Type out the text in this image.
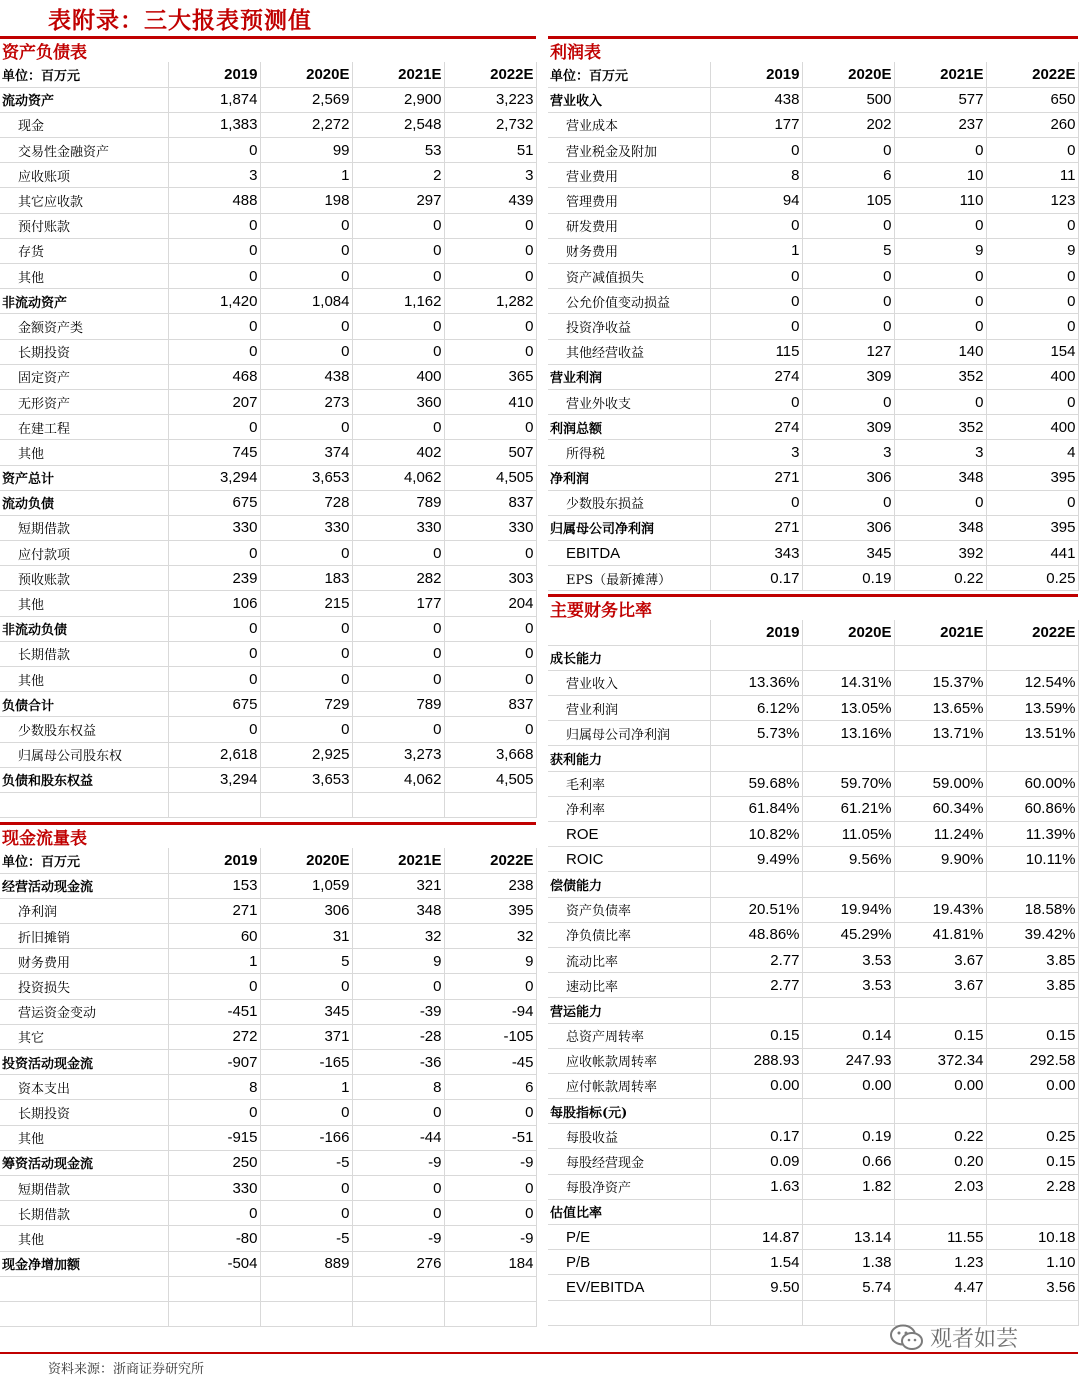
表附录：三大报表预测值
资产负债表
单位：百万元	2019	2020E	2021E	2022E
流动资产	1,874	2,569	2,900	3,223
现金	1,383	2,272	2,548	2,732
交易性金融资产	0	99	53	51
应收账项	3	1	2	3
其它应收款	488	198	297	439
预付账款	0	0	0	0
存货	0	0	0	0
其他	0	0	0	0
非流动资产	1,420	1,084	1,162	1,282
金额资产类	0	0	0	0
长期投资	0	0	0	0
固定资产	468	438	400	365
无形资产	207	273	360	410
在建工程	0	0	0	0
其他	745	374	402	507
资产总计	3,294	3,653	4,062	4,505
流动负债	675	728	789	837
短期借款	330	330	330	330
应付款项	0	0	0	0
预收账款	239	183	282	303
其他	106	215	177	204
非流动负债	0	0	0	0
长期借款	0	0	0	0
其他	0	0	0	0
负债合计	675	729	789	837
少数股东权益	0	0	0	0
归属母公司股东权	2,618	2,925	3,273	3,668
负债和股东权益	3,294	3,653	4,062	4,505

现金流量表
单位：百万元	2019	2020E	2021E	2022E
经营活动现金流	153	1,059	321	238
净利润	271	306	348	395
折旧摊销	60	31	32	32
财务费用	1	5	9	9
投资损失	0	0	0	0
营运资金变动	-451	345	-39	-94
其它	272	371	-28	-105
投资活动现金流	-907	-165	-36	-45
资本支出	8	1	8	6
长期投资	0	0	0	0
其他	-915	-166	-44	-51
筹资活动现金流	250	-5	-9	-9
短期借款	330	0	0	0
长期借款	0	0	0	0
其他	-80	-5	-9	-9
现金净增加额	-504	889	276	184

利润表
单位：百万元	2019	2020E	2021E	2022E
营业收入	438	500	577	650
营业成本	177	202	237	260
营业税金及附加	0	0	0	0
营业费用	8	6	10	11
管理费用	94	105	110	123
研发费用	0	0	0	0
财务费用	1	5	9	9
资产减值损失	0	0	0	0
公允价值变动损益	0	0	0	0
投资净收益	0	0	0	0
其他经营收益	115	127	140	154
营业利润	274	309	352	400
营业外收支	0	0	0	0
利润总额	274	309	352	400
所得税	3	3	3	4
净利润	271	306	348	395
少数股东损益	0	0	0	0
归属母公司净利润	271	306	348	395
EBITDA	343	345	392	441
EPS（最新摊薄）	0.17	0.19	0.22	0.25
主要财务比率
	2019	2020E	2021E	2022E
成长能力				
营业收入	13.36%	14.31%	15.37%	12.54%
营业利润	6.12%	13.05%	13.65%	13.59%
归属母公司净利润	5.73%	13.16%	13.71%	13.51%
获利能力				
毛利率	59.68%	59.70%	59.00%	60.00%
净利率	61.84%	61.21%	60.34%	60.86%
ROE	10.82%	11.05%	11.24%	11.39%
ROIC	9.49%	9.56%	9.90%	10.11%
偿债能力				
资产负债率	20.51%	19.94%	19.43%	18.58%
净负债比率	48.86%	45.29%	41.81%	39.42%
流动比率	2.77	3.53	3.67	3.85
速动比率	2.77	3.53	3.67	3.85
营运能力				
总资产周转率	0.15	0.14	0.15	0.15
应收帐款周转率	288.93	247.93	372.34	292.58
应付帐款周转率	0.00	0.00	0.00	0.00
每股指标(元)				
每股收益	0.17	0.19	0.22	0.25
每股经营现金	0.09	0.66	0.20	0.15
每股净资产	1.63	1.82	2.03	2.28
估值比率				
P/E	14.87	13.14	11.55	10.18
P/B	1.54	1.38	1.23	1.10
EV/EBITDA	9.50	5.74	4.47	3.56

资料来源：浙商证券研究所
观者如芸
